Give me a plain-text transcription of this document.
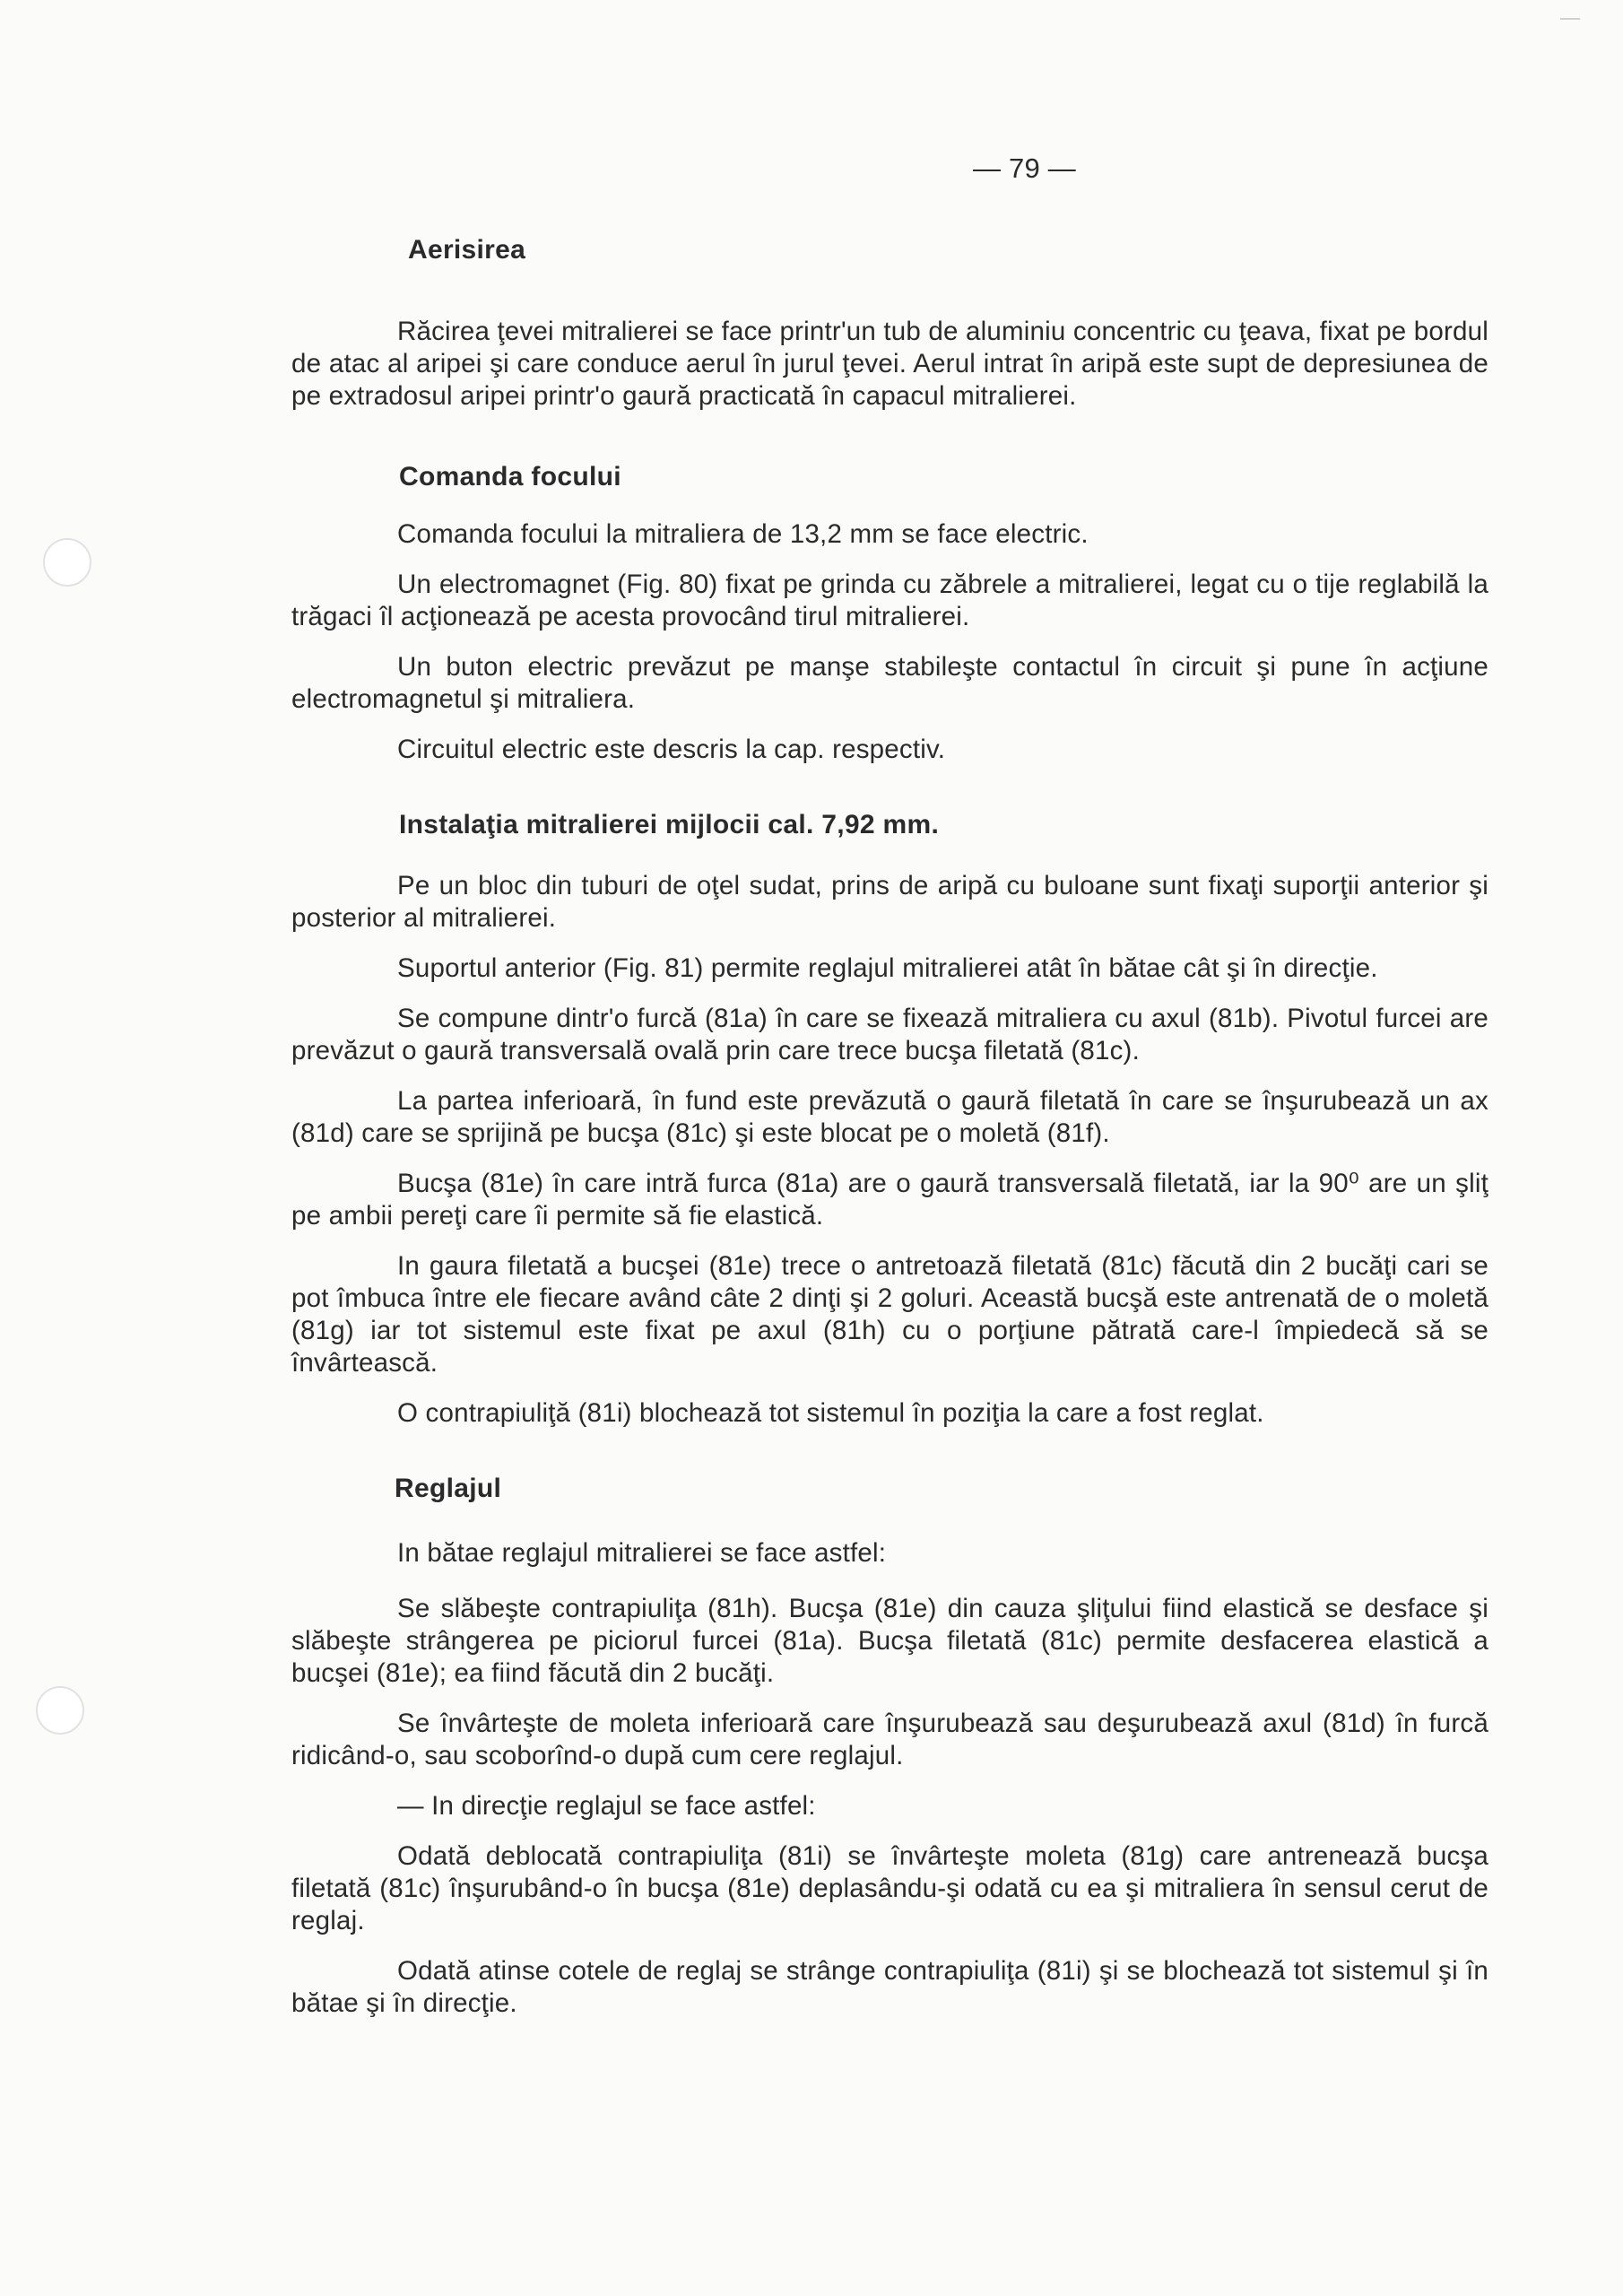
— 79 —
Aerisirea

Răcirea ţevei mitralierei se face printr'un tub de aluminiu concentric cu ţeava, fixat pe bordul de atac al aripei şi care conduce aerul în jurul ţevei. Aerul intrat în aripă este supt de depresiunea de pe extradosul aripei printr'o gaură practicată în capacul mitralierei.

Comanda focului

Comanda focului la mitraliera de 13,2 mm se face electric.

Un electromagnet (Fig. 80) fixat pe grinda cu zăbrele a mitralierei, legat cu o tije reglabilă la trăgaci îl acţionează pe acesta provocând tirul mitralierei.

Un buton electric prevăzut pe manşe stabileşte contactul în circuit şi pune în acţiune electromagnetul şi mitraliera.

Circuitul electric este descris la cap. respectiv.

Instalaţia mitralierei mijlocii cal. 7,92 mm.

Pe un bloc din tuburi de oţel sudat, prins de aripă cu buloane sunt fixaţi suporţii anterior şi posterior al mitralierei.

Suportul anterior (Fig. 81) permite reglajul mitralierei atât în bătae cât şi în direcţie.

Se compune dintr'o furcă (81a) în care se fixează mitraliera cu axul (81b). Pivotul furcei are prevăzut o gaură transversală ovală prin care trece bucşa filetată (81c).

La partea inferioară, în fund este prevăzută o gaură filetată în care se înşurubează un ax (81d) care se sprijină pe bucşa (81c) şi este blocat pe o moletă (81f).

Bucşa (81e) în care intră furca (81a) are o gaură transversală filetată, iar la 90⁰ are un şliţ pe ambii pereţi care îi permite să fie elastică.

In gaura filetată a bucşei (81e) trece o antretoază filetată (81c) făcută din 2 bucăţi cari se pot îmbuca între ele fiecare având câte 2 dinţi şi 2 goluri. Această bucşă este antrenată de o moletă (81g) iar tot sistemul este fixat pe axul (81h) cu o porţiune pătrată care-l împiedecă să se învârtească.

O contrapiuliţă (81i) blochează tot sistemul în poziţia la care a fost reglat.

Reglajul

In bătae reglajul mitralierei se face astfel:

Se slăbeşte contrapiuliţa (81h). Bucşa (81e) din cauza şliţului fiind elastică se desface şi slăbeşte strângerea pe piciorul furcei (81a). Bucşa filetată (81c) permite desfacerea elastică a bucşei (81e); ea fiind făcută din 2 bucăţi.

Se învârteşte de moleta inferioară care înşurubează sau deşurubează axul (81d) în furcă ridicând-o, sau scoborînd-o după cum cere reglajul.

— In direcţie reglajul se face astfel:

Odată deblocată contrapiuliţa (81i) se învârteşte moleta (81g) care antrenează bucşa filetată (81c) înşurubând-o în bucşa (81e) deplasându-şi odată cu ea şi mitraliera în sensul cerut de reglaj.

Odată atinse cotele de reglaj se strânge contrapiuliţa (81i) şi se blochează tot sistemul şi în bătae şi în direcţie.
